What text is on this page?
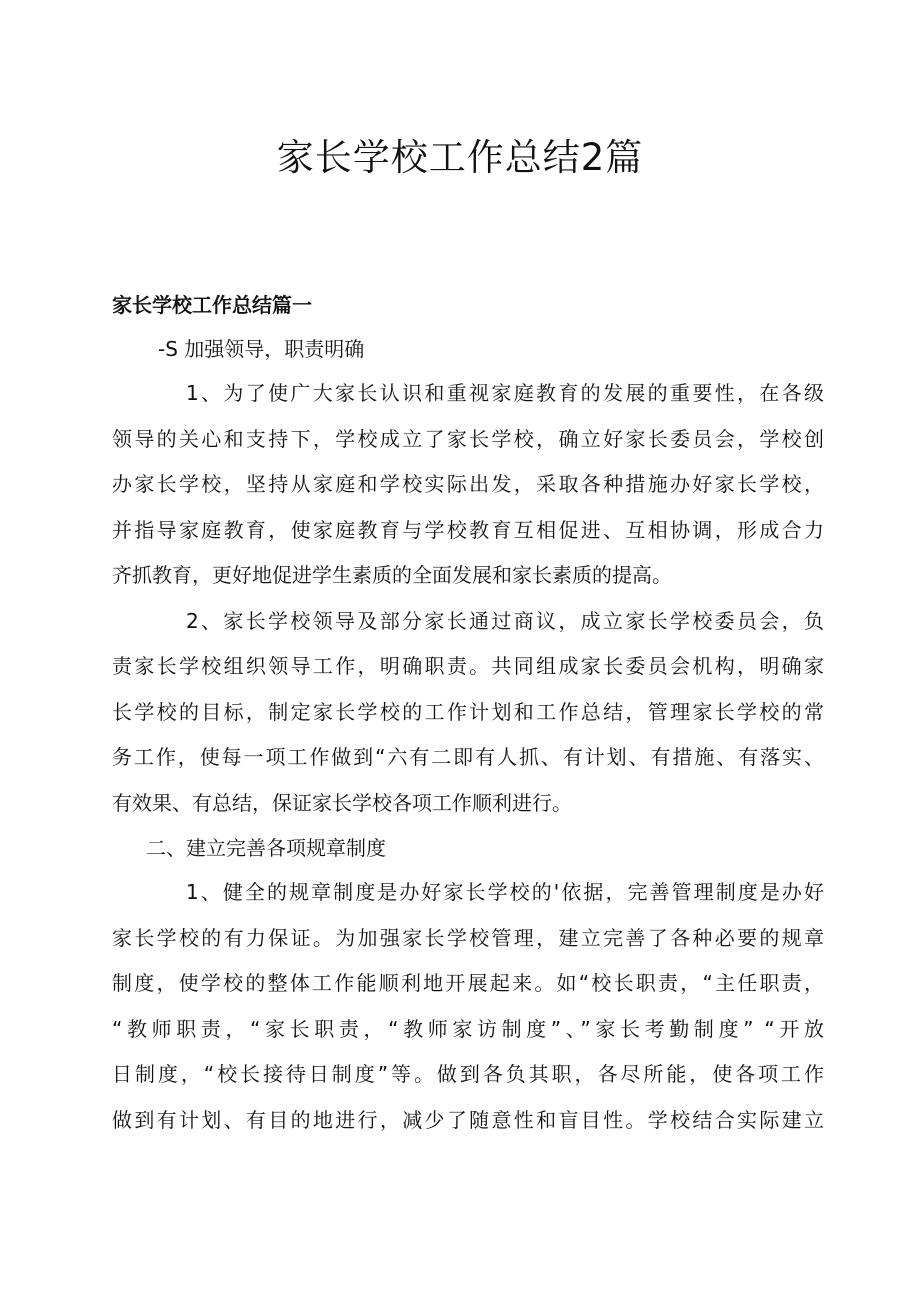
家长学校工作总结2篇

家长学校工作总结篇一

-S 加强领导，职责明确

1、为了使广大家长认识和重视家庭教育的发展的重要性，在各级
领导的关心和支持下，学校成立了家长学校，确立好家长委员会，学校创
办家长学校，坚持从家庭和学校实际出发，采取各种措施办好家长学校，
并指导家庭教育，使家庭教育与学校教育互相促进、互相协调，形成合力
齐抓教育，更好地促进学生素质的全面发展和家长素质的提高。
2、家长学校领导及部分家长通过商议，成立家长学校委员会，负
责家长学校组织领导工作，明确职责。共同组成家长委员会机构，明确家
长学校的目标，制定家长学校的工作计划和工作总结，管理家长学校的常
务工作，使每一项工作做到“六有二即有人抓、有计划、有措施、有落实、
有效果、有总结，保证家长学校各项工作顺利进行。

二、建立完善各项规章制度

1、健全的规章制度是办好家长学校的'依据，完善管理制度是办好
家长学校的有力保证。为加强家长学校管理，建立完善了各种必要的规章
制度，使学校的整体工作能顺利地开展起来。如“校长职责，“主任职责，
“教师职责，“家长职责，“教师家访制度”、”家长考勤制度” “开放
日制度，“校长接待日制度”等。做到各负其职，各尽所能，使各项工作
做到有计划、有目的地进行，减少了随意性和盲目性。学校结合实际建立
